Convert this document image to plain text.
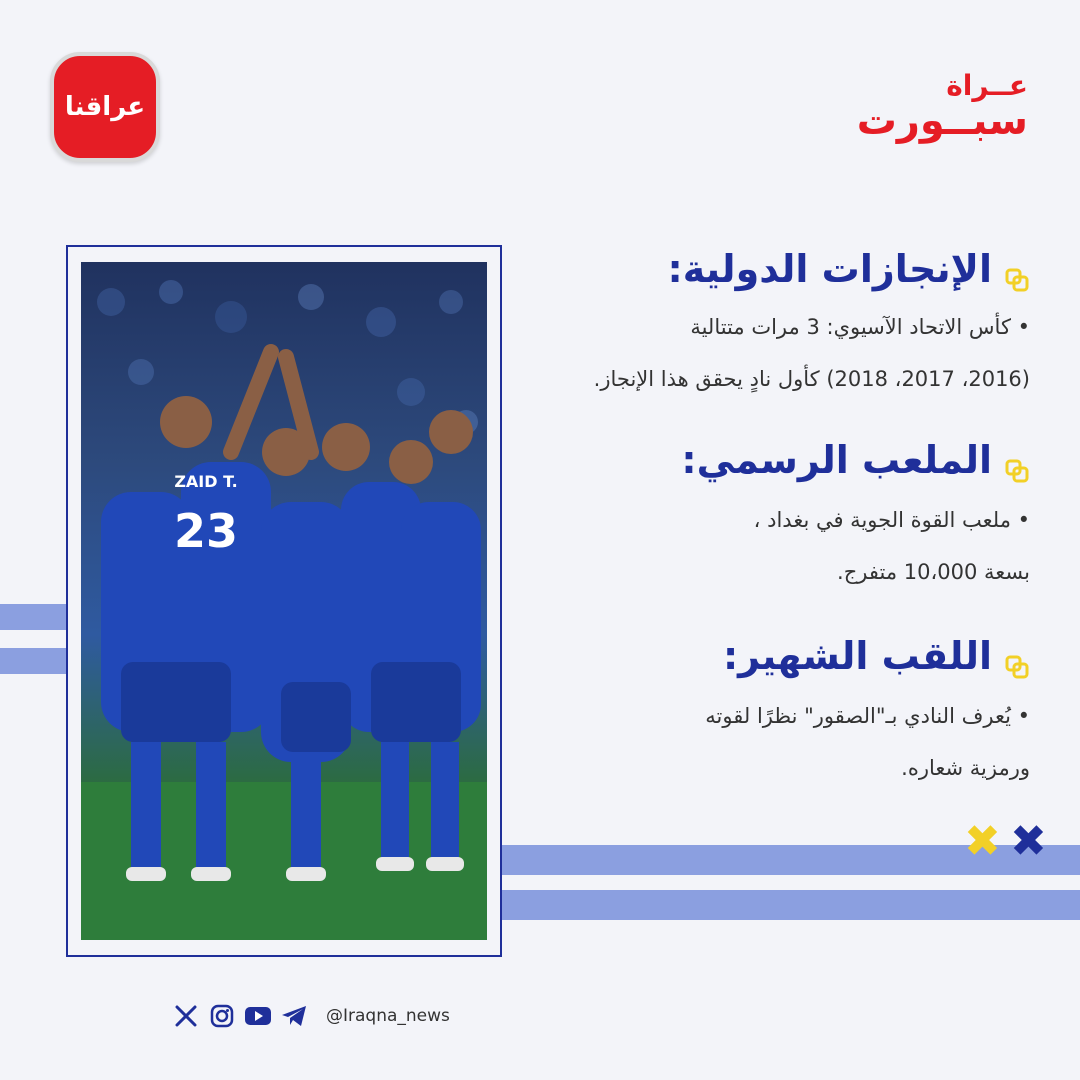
عراقنا
عــراة
سبــورت
✖ ✖
ZAID T.
23
الإنجازات الدولية:
• كأس الاتحاد الآسيوي: 3 مرات متتالية
(2016، 2017، 2018) كأول نادٍ يحقق هذا الإنجاز.
الملعب الرسمي:
• ملعب القوة الجوية في بغداد ،
بسعة 10،000 متفرج.
اللقب الشهير:
• يُعرف النادي بـ"الصقور" نظرًا لقوته
ورمزية شعاره.
@Iraqna_news
